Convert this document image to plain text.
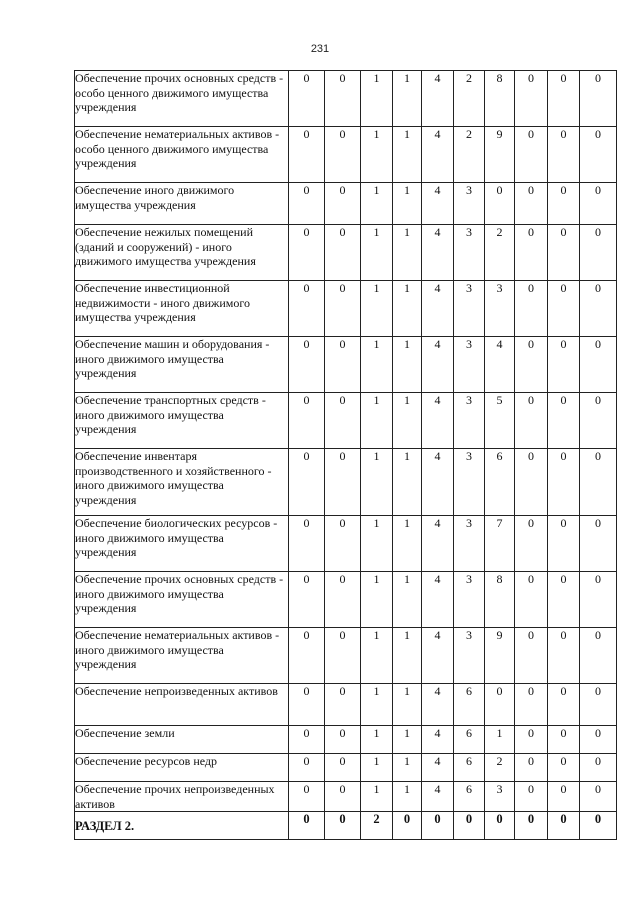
231
Обеспечение прочих основных средств - особо ценного движимого имущества учреждения	0	0	1	1	4	2	8	0	0	0
Обеспечение нематериальных активов - особо ценного движимого имущества учреждения	0	0	1	1	4	2	9	0	0	0
Обеспечение иного движимого имущества учреждения	0	0	1	1	4	3	0	0	0	0
Обеспечение нежилых помещений (зданий и сооружений) - иного движимого имущества учреждения	0	0	1	1	4	3	2	0	0	0
Обеспечение инвестиционной недвижимости - иного движимого имущества учреждения	0	0	1	1	4	3	3	0	0	0
Обеспечение машин и оборудования - иного движимого имущества учреждения	0	0	1	1	4	3	4	0	0	0
Обеспечение транспортных средств - иного движимого имущества учреждения	0	0	1	1	4	3	5	0	0	0
Обеспечение инвентаря производственного и хозяйственного - иного движимого имущества учреждения	0	0	1	1	4	3	6	0	0	0
Обеспечение биологических ресурсов - иного движимого имущества учреждения	0	0	1	1	4	3	7	0	0	0
Обеспечение прочих основных средств - иного движимого имущества учреждения	0	0	1	1	4	3	8	0	0	0
Обеспечение нематериальных активов - иного движимого имущества учреждения	0	0	1	1	4	3	9	0	0	0
Обеспечение непроизведенных активов	0	0	1	1	4	6	0	0	0	0
Обеспечение земли	0	0	1	1	4	6	1	0	0	0
Обеспечение ресурсов недр	0	0	1	1	4	6	2	0	0	0
Обеспечение прочих непроизведенных активов	0	0	1	1	4	6	3	0	0	0
РАЗДЕЛ 2.	0	0	2	0	0	0	0	0	0	0
